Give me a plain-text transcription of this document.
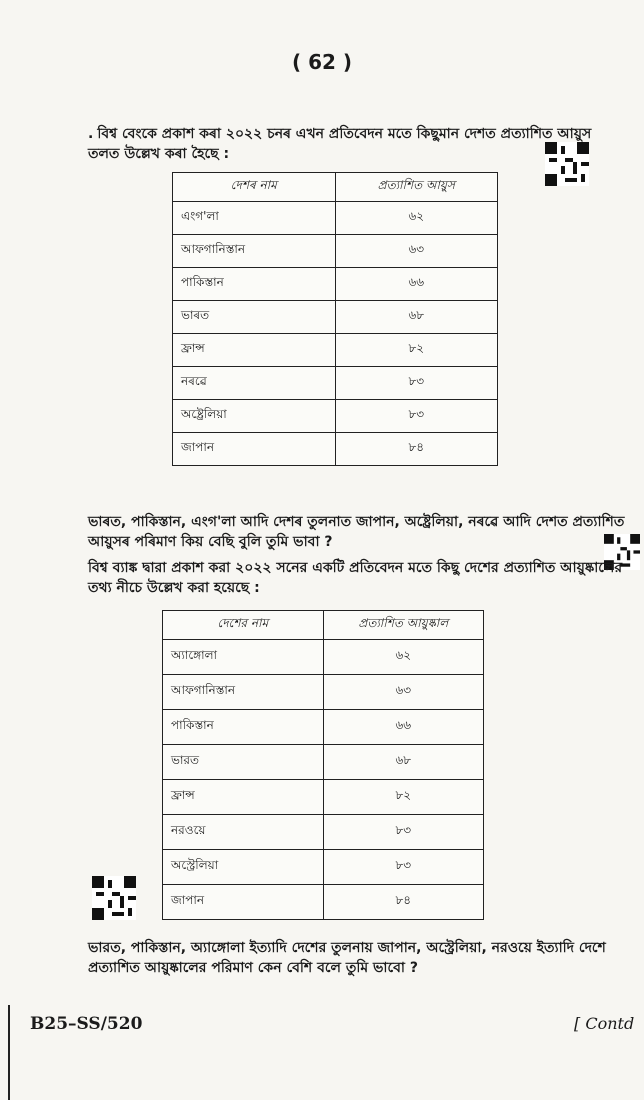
( 62 )

. বিশ্ব বেংকে প্ৰকাশ কৰা ২০২২ চনৰ এখন প্ৰতিবেদন মতে কিছুমান দেশত প্ৰত্যাশিত আয়ুস তলত উল্লেখ কৰা হৈছে :

দেশৰ নাম	প্ৰত্যাশিত আয়ুস
এংগ'লা	৬২
আফগানিস্তান	৬৩
পাকিস্তান	৬৬
ভাৰত	৬৮
ফ্ৰান্স	৮২
নৰৱে	৮৩
অষ্ট্ৰেলিয়া	৮৩
জাপান	৮৪

ভাৰত, পাকিস্তান, এংগ'লা আদি দেশৰ তুলনাত জাপান, অষ্ট্ৰেলিয়া, নৰৱে আদি দেশত প্ৰত্যাশিত আয়ুসৰ পৰিমাণ কিয় বেছি বুলি তুমি ভাবা ?

বিশ্ব ব্যাঙ্ক দ্বারা প্রকাশ করা ২০২২ সনের একটি প্রতিবেদন মতে কিছু দেশের প্রত্যাশিত আয়ুষ্কালের তথ্য নীচে উল্লেখ করা হয়েছে :

দেশের নাম	প্রত্যাশিত আয়ুষ্কাল
অ্যাঙ্গোলা	৬২
আফগানিস্তান	৬৩
পাকিস্তান	৬৬
ভারত	৬৮
ফ্রান্স	৮২
নরওয়ে	৮৩
অস্ট্রেলিয়া	৮৩
জাপান	৮৪

ভারত, পাকিস্তান, অ্যাঙ্গোলা ইত্যাদি দেশের তুলনায় জাপান, অস্ট্রেলিয়া, নরওয়ে ইত্যাদি দেশে প্রত্যাশিত আয়ুষ্কালের পরিমাণ কেন বেশি বলে তুমি ভাবো ?

B25–SS/520	[ Contd
